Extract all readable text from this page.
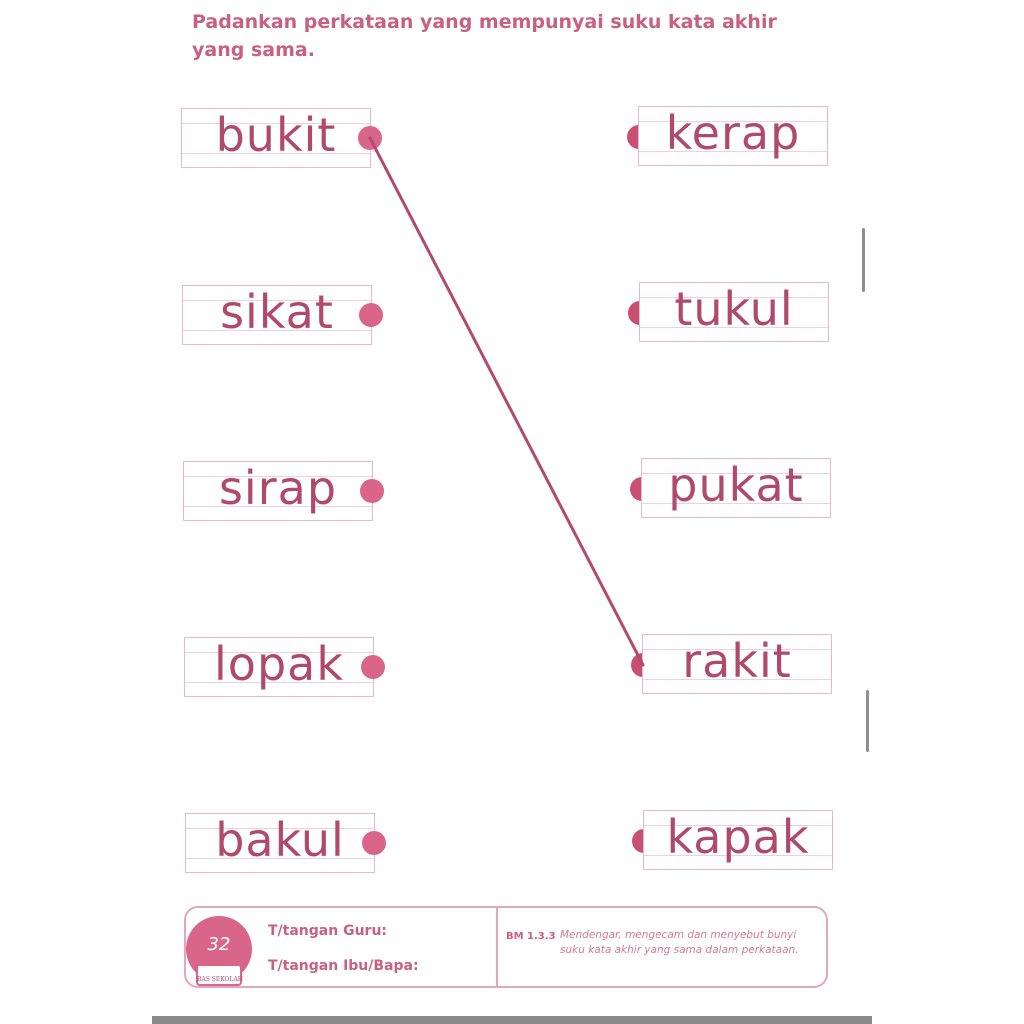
Padankan perkataan yang mempunyai suku kata akhir yang sama.
bukit
sikat
sirap
lopak
bakul
kerap
tukul
pukat
rakit
kapak
32
BAS SEKOLAH
T/tangan Guru:
T/tangan Ibu/Bapa:
BM 1.3.3 Mendengar, mengecam dan menyebut bunyi suku kata akhir yang sama dalam perkataan.
